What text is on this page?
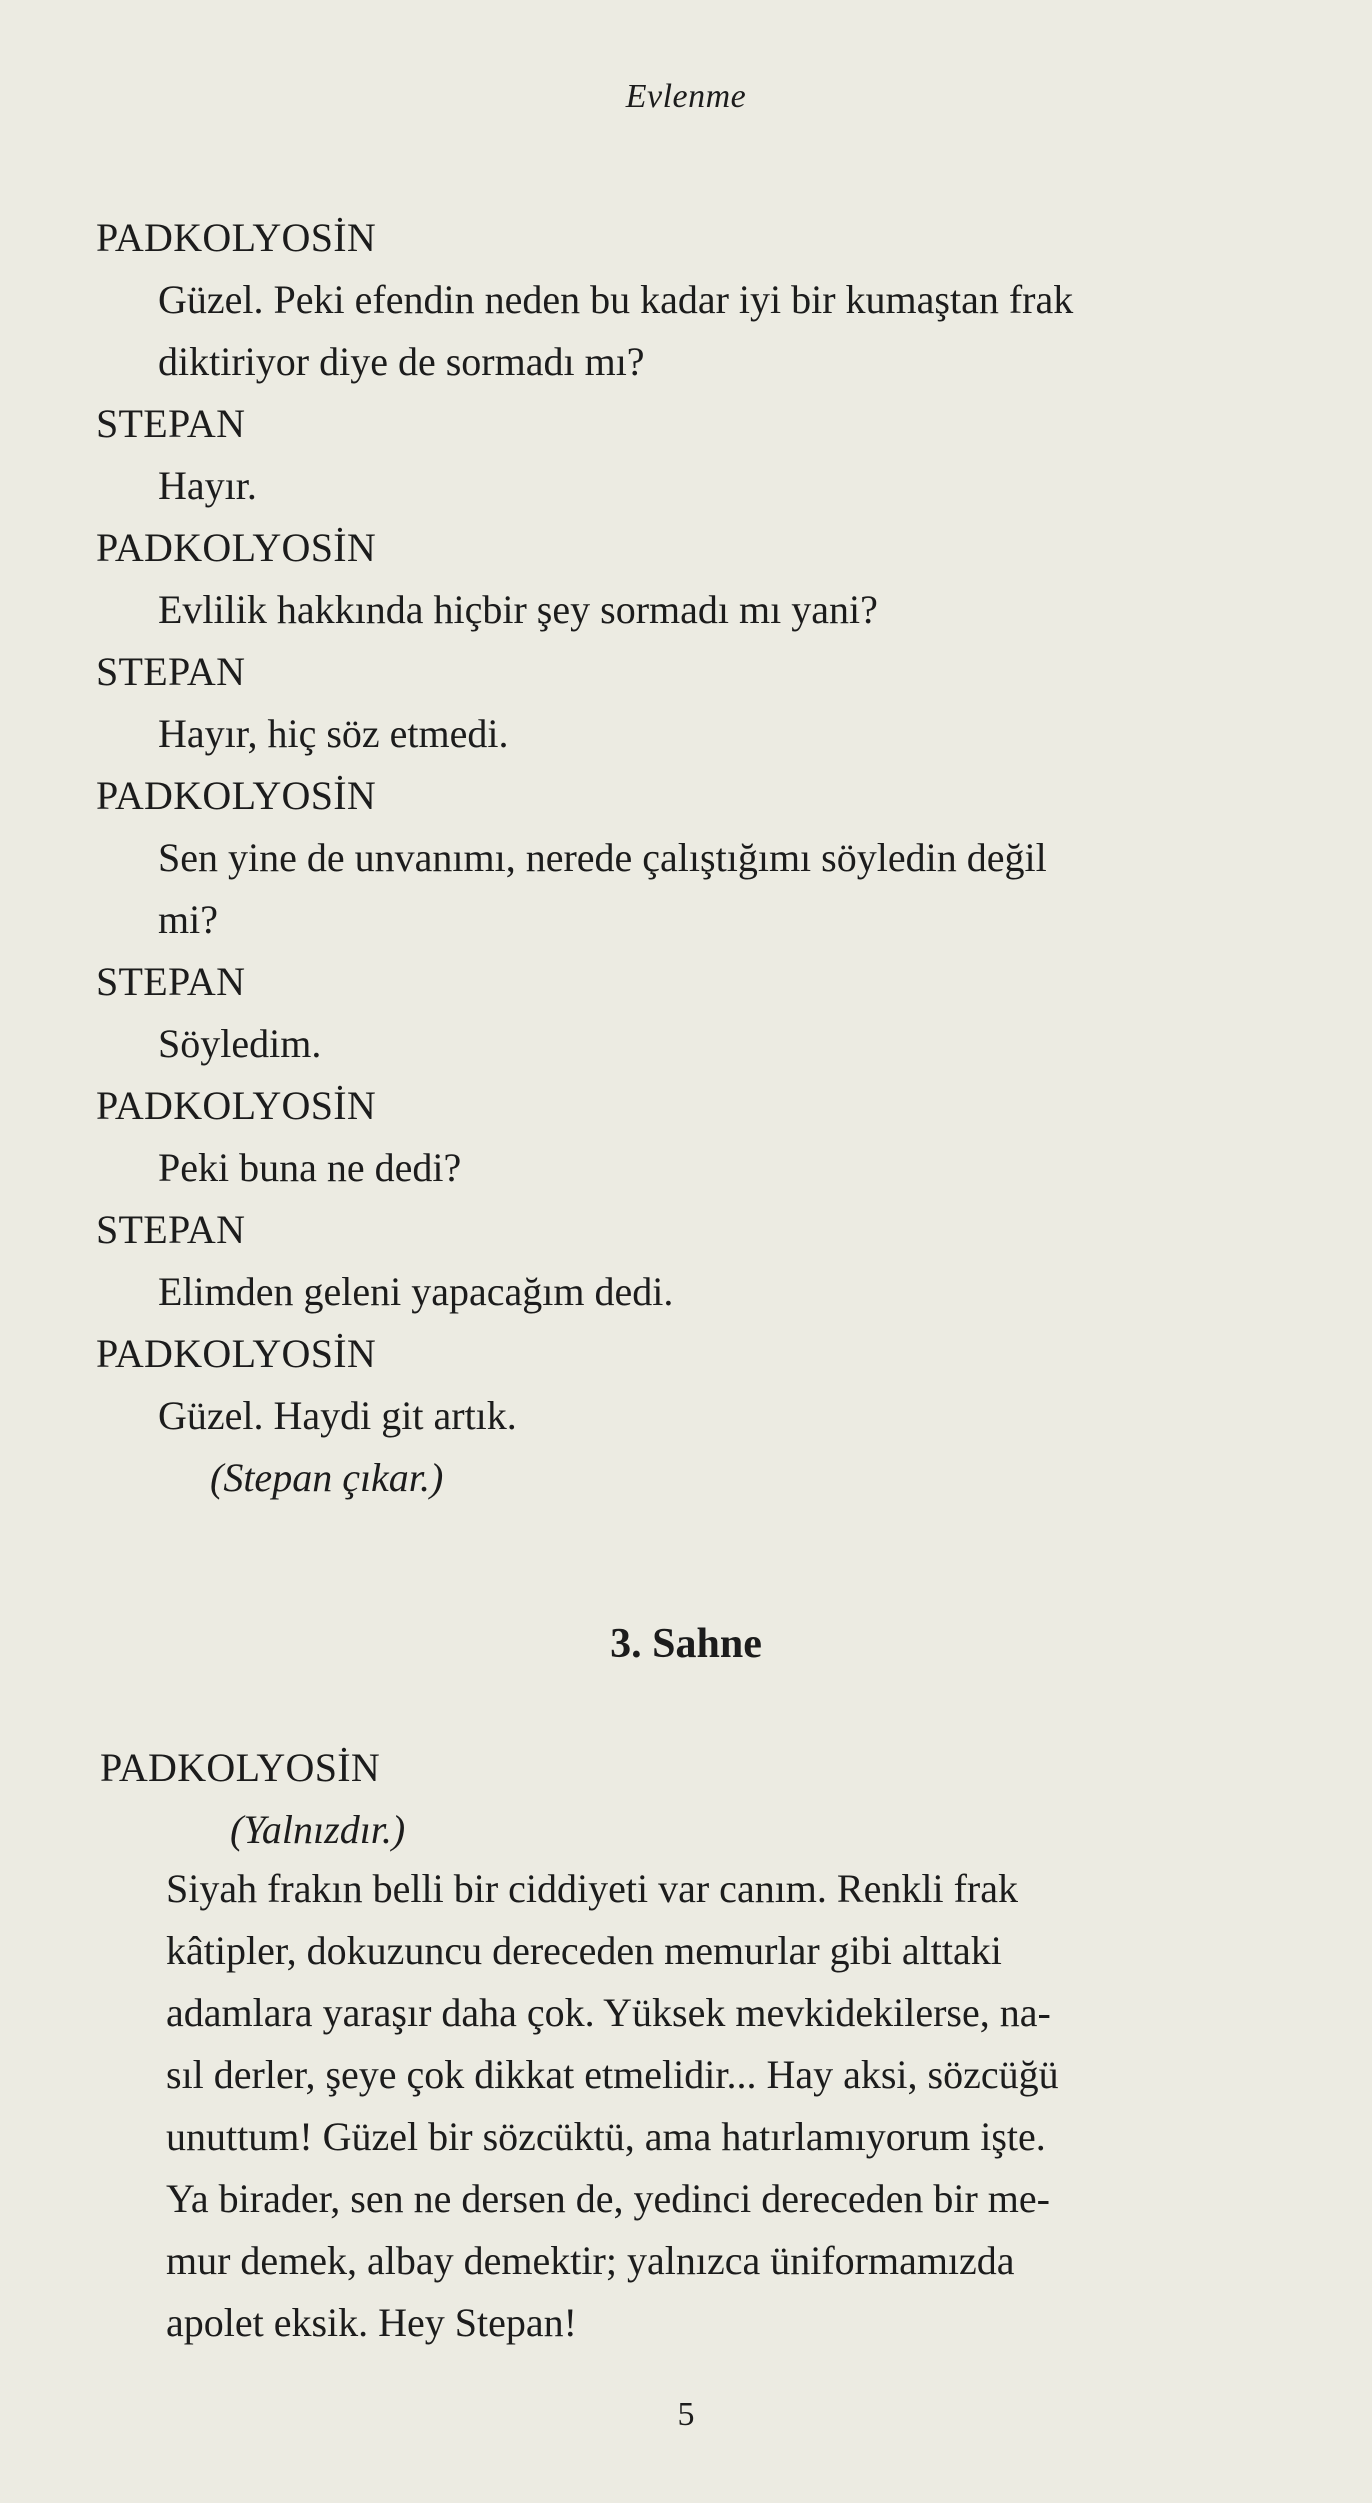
Evlenme
PADKOLYOSİN
Güzel. Peki efendin neden bu kadar iyi bir kumaştan frak
diktiriyor diye de sormadı mı?
STEPAN
Hayır.
PADKOLYOSİN
Evlilik hakkında hiçbir şey sormadı mı yani?
STEPAN
Hayır, hiç söz etmedi.
PADKOLYOSİN
Sen yine de unvanımı, nerede çalıştığımı söyledin değil
mi?
STEPAN
Söyledim.
PADKOLYOSİN
Peki buna ne dedi?
STEPAN
Elimden geleni yapacağım dedi.
PADKOLYOSİN
Güzel. Haydi git artık.
(Stepan çıkar.)
3. Sahne
PADKOLYOSİN
(Yalnızdır.)
Siyah frakın belli bir ciddiyeti var canım. Renkli frak
kâtipler, dokuzuncu dereceden memurlar gibi alttaki
adamlara yaraşır daha çok. Yüksek mevkidekilerse, na-
sıl derler, şeye çok dikkat etmelidir... Hay aksi, sözcüğü
unuttum! Güzel bir sözcüktü, ama hatırlamıyorum işte.
Ya birader, sen ne dersen de, yedinci dereceden bir me-
mur demek, albay demektir; yalnızca üniformamızda
apolet eksik. Hey Stepan!
5
